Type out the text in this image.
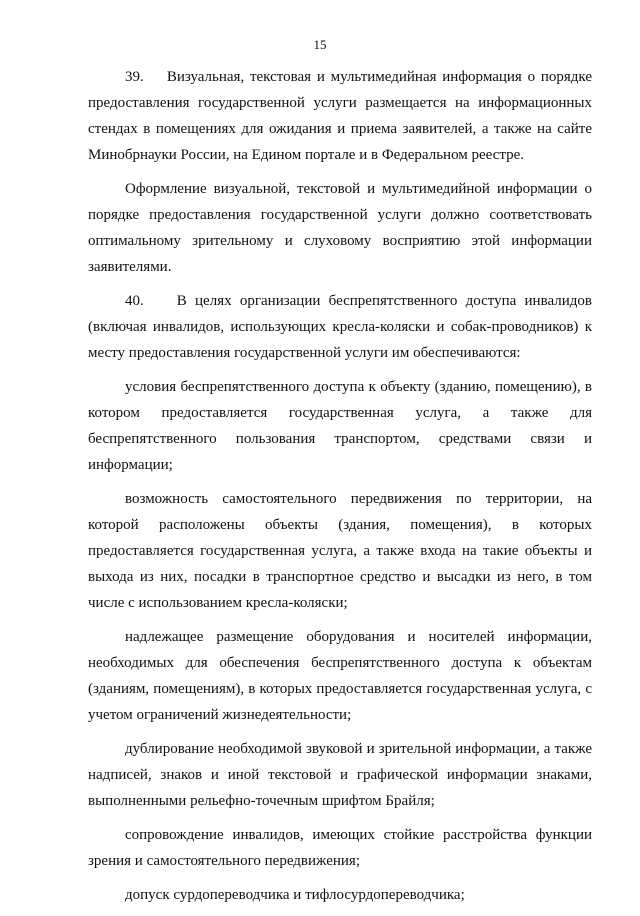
15

39.    Визуальная, текстовая и мультимедийная информация о порядке предоставления государственной услуги размещается на информационных стендах в помещениях для ожидания и приема заявителей, а также на сайте Минобрнауки России, на Едином портале и в Федеральном реестре.

Оформление визуальной, текстовой и мультимедийной информации о порядке предоставления государственной услуги должно соответствовать оптимальному зрительному и слуховому восприятию этой информации заявителями.

40.    В целях организации беспрепятственного доступа инвалидов (включая инвалидов, использующих кресла-коляски и собак-проводников) к месту предоставления государственной услуги им обеспечиваются:

условия беспрепятственного доступа к объекту (зданию, помещению), в котором предоставляется государственная услуга, а также для беспрепятственного пользования транспортом, средствами связи и информации;

возможность самостоятельного передвижения по территории, на которой расположены объекты (здания, помещения), в которых предоставляется государственная услуга, а также входа на такие объекты и выхода из них, посадки в транспортное средство и высадки из него, в том числе с использованием кресла-коляски;

надлежащее размещение оборудования и носителей информации, необходимых для обеспечения беспрепятственного доступа к объектам (зданиям, помещениям), в которых предоставляется государственная услуга, с учетом ограничений жизнедеятельности;

дублирование необходимой звуковой и зрительной информации, а также надписей, знаков и иной текстовой и графической информации знаками, выполненными рельефно-точечным шрифтом Брайля;

сопровождение инвалидов, имеющих стойкие расстройства функции зрения и самостоятельного передвижения;

допуск сурдопереводчика и тифлосурдопереводчика;
